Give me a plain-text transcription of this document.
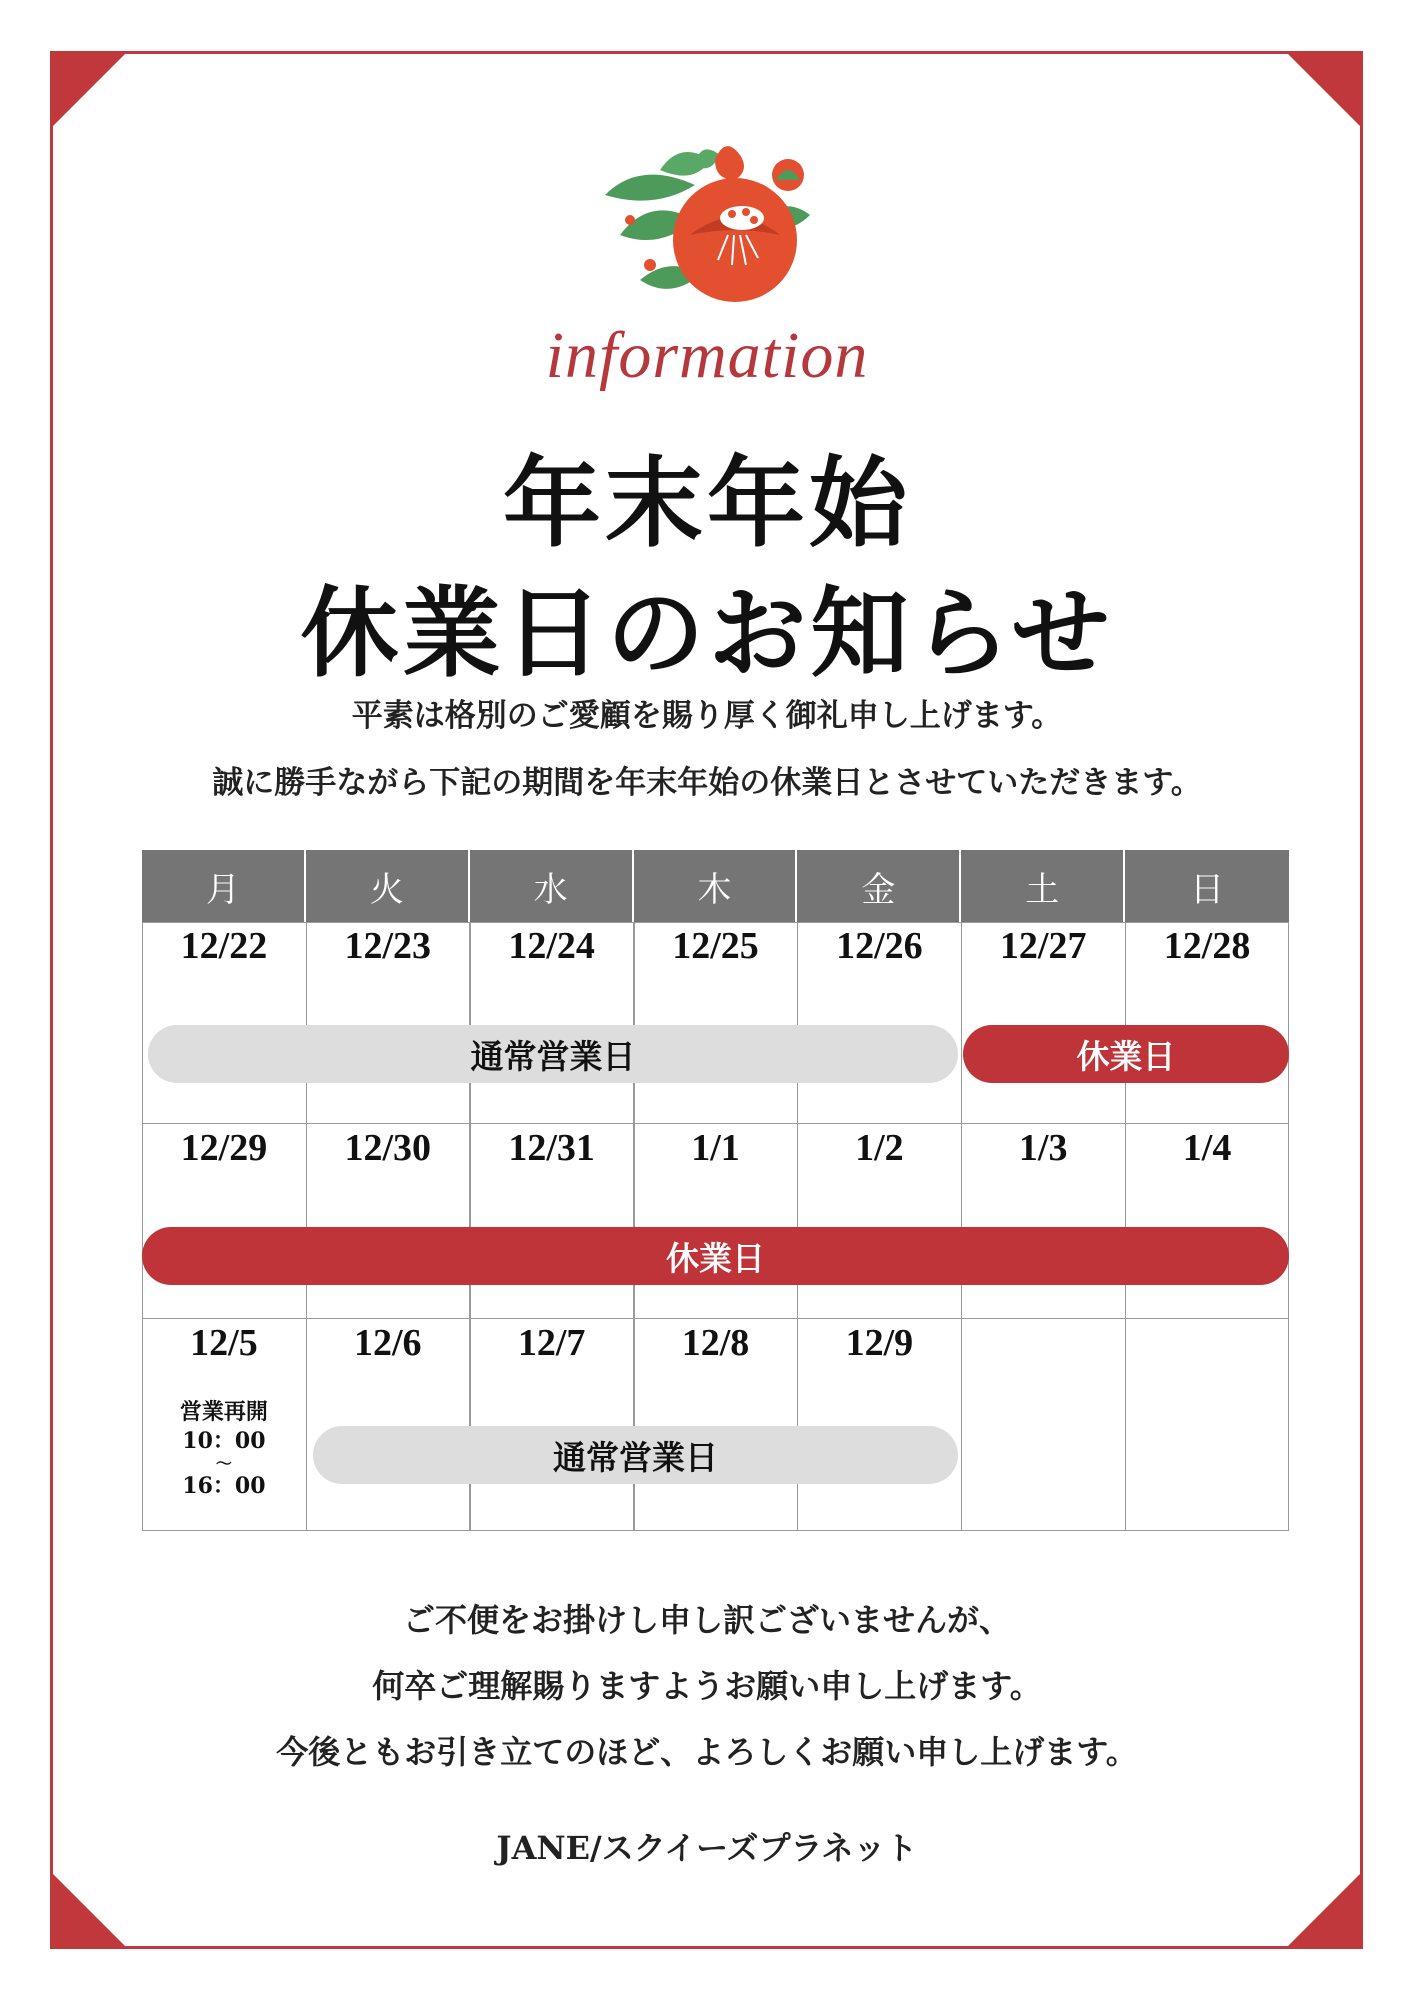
information
年末年始
休業日のお知らせ
平素は格別のご愛顧を賜り厚く御礼申し上げます。
誠に勝手ながら下記の期間を年末年始の休業日とさせていただきます。
月	火	水	木	金	土	日
12/22	12/23	12/24	12/25	12/26	12/27	12/28
12/29	12/30	12/31	1/1	1/2	1/3	1/4
12/5	12/6	12/7	12/8	12/9
通常営業日	休業日
休業日
通常営業日
営業再開
10：00
〜
16：00
ご不便をお掛けし申し訳ございませんが、
何卒ご理解賜りますようお願い申し上げます。
今後ともお引き立てのほど、よろしくお願い申し上げます。
JANE/スクイーズプラネット
